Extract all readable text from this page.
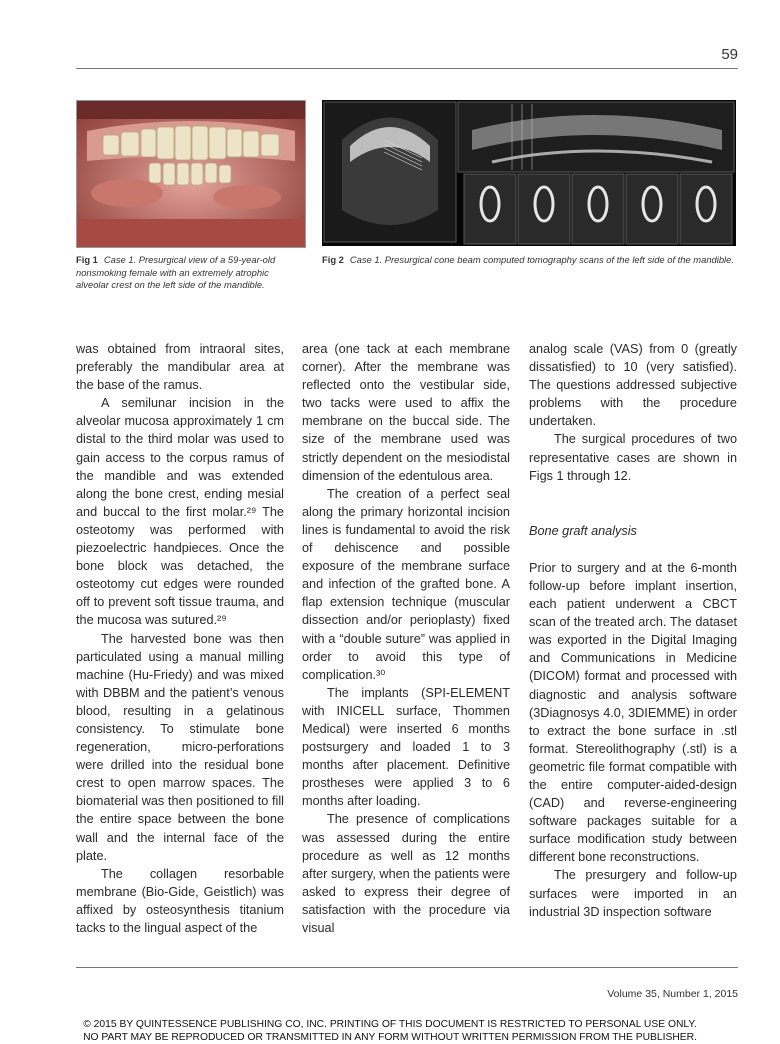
59
Fig 1 Case 1. Presurgical view of a 59-year-old nonsmoking female with an extremely atrophic alveolar crest on the left side of the mandible.
Fig 2 Case 1. Presurgical cone beam computed tomography scans of the left side of the mandible.

was obtained from intraoral sites, preferably the mandibular area at the base of the ramus.

A semilunar incision in the alveolar mucosa approximately 1 cm distal to the third molar was used to gain access to the corpus ramus of the mandible and was extended along the bone crest, ending mesial and buccal to the first molar.²⁹ The osteotomy was performed with piezoelectric handpieces. Once the bone block was detached, the osteotomy cut edges were rounded off to prevent soft tissue trauma, and the mucosa was sutured.²⁹

The harvested bone was then particulated using a manual milling machine (Hu-Friedy) and was mixed with DBBM and the patient’s venous blood, resulting in a gelatinous consistency. To stimulate bone regeneration, micro-perforations were drilled into the residual bone crest to open marrow spaces. The biomaterial was then positioned to fill the entire space between the bone wall and the internal face of the plate.

The collagen resorbable membrane (Bio-Gide, Geistlich) was affixed by osteosynthesis titanium tacks to the lingual aspect of the

area (one tack at each membrane corner). After the membrane was reflected onto the vestibular side, two tacks were used to affix the membrane on the buccal side. The size of the membrane used was strictly dependent on the mesiodistal dimension of the edentulous area.

The creation of a perfect seal along the primary horizontal incision lines is fundamental to avoid the risk of dehiscence and possible exposure of the membrane surface and infection of the grafted bone. A flap extension technique (muscular dissection and/or perioplasty) fixed with a “double suture” was applied in order to avoid this type of complication.³⁰

The implants (SPI-ELEMENT with INICELL surface, Thommen Medical) were inserted 6 months postsurgery and loaded 1 to 3 months after placement. Definitive prostheses were applied 3 to 6 months after loading.

The presence of complications was assessed during the entire procedure as well as 12 months after surgery, when the patients were asked to express their degree of satisfaction with the procedure via visual

analog scale (VAS) from 0 (greatly dissatisfied) to 10 (very satisfied). The questions addressed subjective problems with the procedure undertaken.

The surgical procedures of two representative cases are shown in Figs 1 through 12.

Bone graft analysis

Prior to surgery and at the 6-month follow-up before implant insertion, each patient underwent a CBCT scan of the treated arch. The dataset was exported in the Digital Imaging and Communications in Medicine (DICOM) format and processed with diagnostic and analysis software (3Diagnosys 4.0, 3DIEMME) in order to extract the bone surface in .stl format. Stereolithography (.stl) is a geometric file format compatible with the entire computer-aided-design (CAD) and reverse-engineering software packages suitable for a surface modification study between different bone reconstructions.

The presurgery and follow-up surfaces were imported in an industrial 3D inspection software

Volume 35, Number 1, 2015
© 2015 BY QUINTESSENCE PUBLISHING CO, INC. PRINTING OF THIS DOCUMENT IS RESTRICTED TO PERSONAL USE ONLY.
NO PART MAY BE REPRODUCED OR TRANSMITTED IN ANY FORM WITHOUT WRITTEN PERMISSION FROM THE PUBLISHER.
